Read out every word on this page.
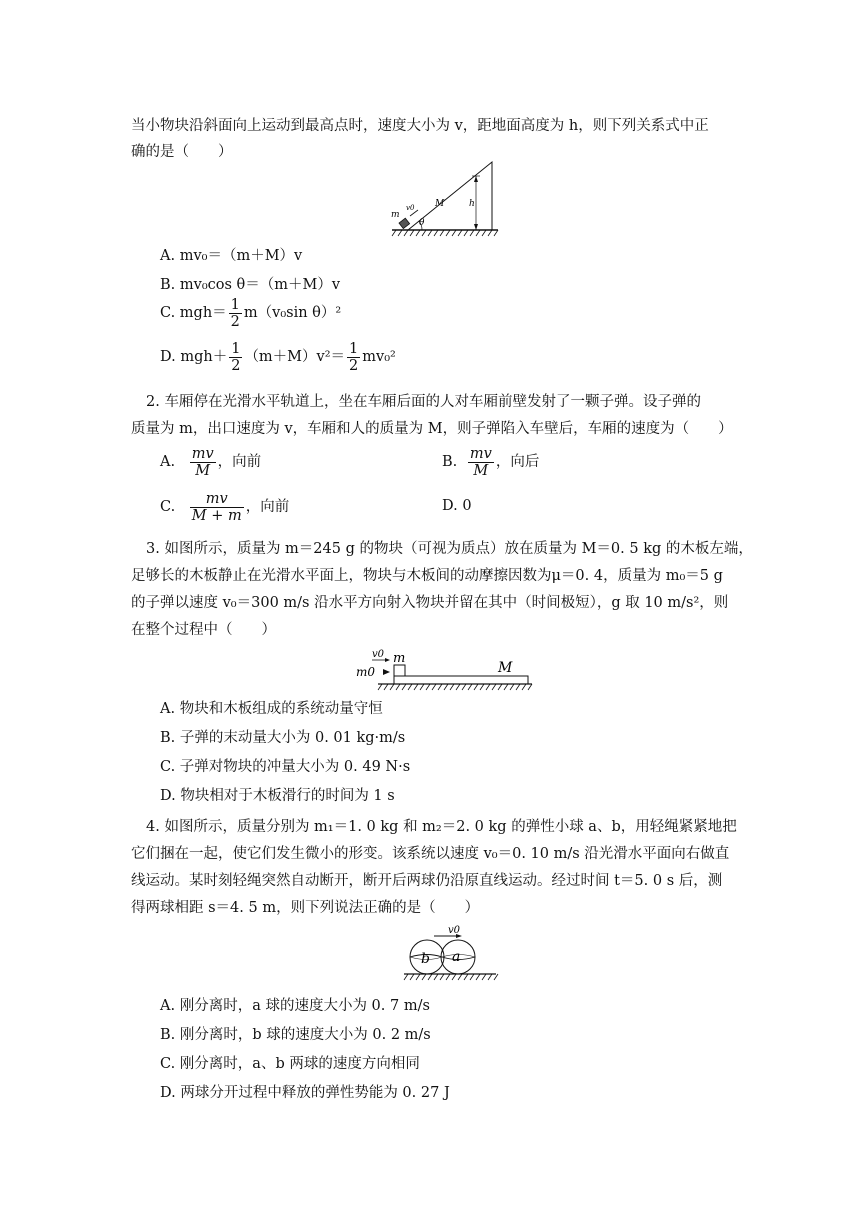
当小物块沿斜面向上运动到最高点时，速度大小为 v，距地面高度为 h，则下列关系式中正
确的是（　　）
m
v0 M
θ
h
A. mv₀＝（m＋M）v
B. mv₀cos θ＝（m＋M）v
C. $mgh= \frac{1}{2} m(v_0\sin$ θ）²
D. $mgh+ \frac{1}{2} (m+M)v^2= \frac{1}{2} mv_0^2$
2. 车厢停在光滑水平轨道上，坐在车厢后面的人对车厢前壁发射了一颗子弹。设子弹的
质量为 m，出口速度为 v，车厢和人的质量为 M，则子弹陷入车壁后，车厢的速度为（　　）
A. $\frac{mv}{M}$ ，向前	B. $\frac{mv}{M}$ ，向后
C. $\frac{mv}{M + m}$ ，向前	D. 0
3. 如图所示，质量为 m＝245 g 的物块（可视为质点）放在质量为 M＝0. 5 kg 的木板左端，
足够长的木板静止在光滑水平面上，物块与木板间的动摩擦因数为μ＝0. 4，质量为 m₀＝5 g
的子弹以速度 v₀＝300 m/s 沿水平方向射入物块并留在其中（时间极短），g 取 10 m/s²，则
在整个过程中（　　）
v0 m
m0	M
A. 物块和木板组成的系统动量守恒
B. 子弹的末动量大小为 0. 01 kg·m/s
C. 子弹对物块的冲量大小为 0. 49 N·s
D. 物块相对于木板滑行的时间为 1 s
4. 如图所示，质量分别为 m₁＝1. 0 kg 和 m₂＝2. 0 kg 的弹性小球 a、b，用轻绳紧紧地把
它们捆在一起，使它们发生微小的形变。该系统以速度 v₀＝0. 10 m/s 沿光滑水平面向右做直
线运动。某时刻轻绳突然自动断开，断开后两球仍沿原直线运动。经过时间 t＝5. 0 s 后，测
得两球相距 s＝4. 5 m，则下列说法正确的是（　　）
v0
b a
A. 刚分离时，a 球的速度大小为 0. 7 m/s
B. 刚分离时，b 球的速度大小为 0. 2 m/s
C. 刚分离时，a、b 两球的速度方向相同
D. 两球分开过程中释放的弹性势能为 0. 27 J
